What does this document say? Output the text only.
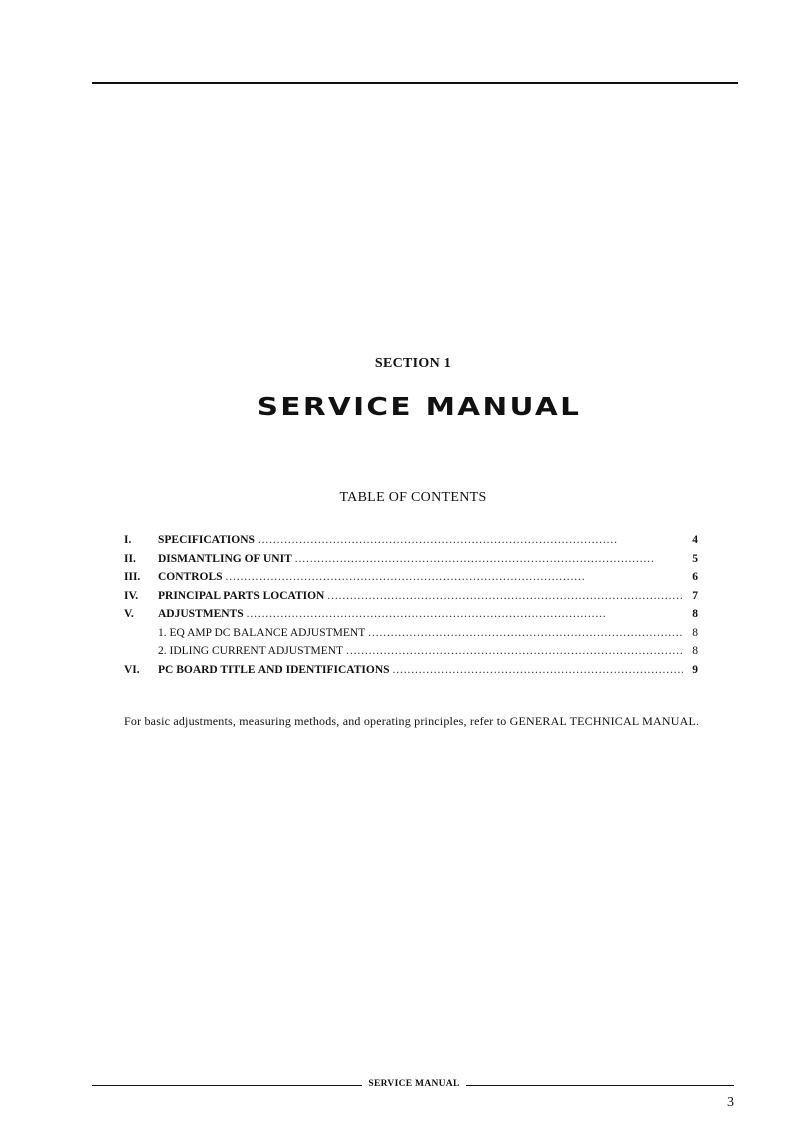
SECTION 1
SERVICE MANUAL
TABLE OF CONTENTS
I.	SPECIFICATIONS . . .	4
II.	DISMANTLING OF UNIT . . .	5
III.	CONTROLS . . .	6
IV.	PRINCIPAL PARTS LOCATION . . .	7
V.	ADJUSTMENTS . . .	8
1. EQ AMP DC BALANCE ADJUSTMENT . . .	8
2. IDLING CURRENT ADJUSTMENT . . .	8
VI.	PC BOARD TITLE AND IDENTIFICATIONS . . .	9

For basic adjustments, measuring methods, and operating principles, refer to GENERAL TECHNICAL MANUAL.

SERVICE MANUAL
3
